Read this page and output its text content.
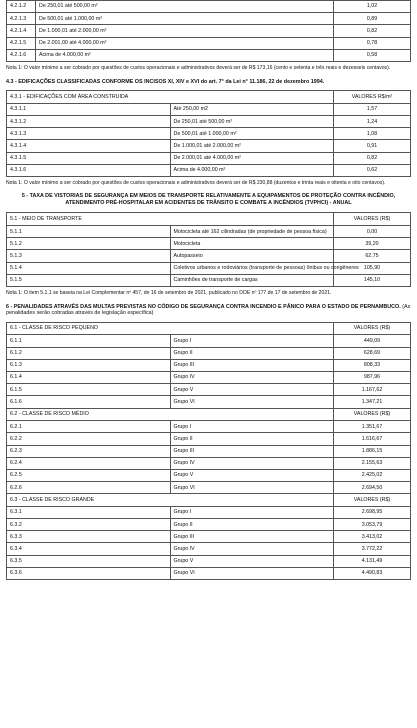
4.2.1.2	De 250,01 até 500,00 m²	1,02
4.2.1.3	De 500,01 até 1.000,00 m²	0,89
4.2.1.4	De 1.000,01 até 2.000,00 m²	0,82
4.2.1.5	De 2.001,00 até 4.000,00 m²	0,78
4.2.1.6	Acima de 4.000,00 m²	0,58

Nota 1: O valor mínimo a ser cobrado por questões de custos operacionais e administrativos deverá ser de R$ 173,16 (cento e setenta e três reais e dezesseis centavos).

4.3 - EDIFICAÇÕES CLASSIFICADAS CONFORME OS INCISOS XI, XIV e XVI do art. 7° da Lei n° 11.186, 22 de dezembro 1994.
4.3.1 - EDIFICAÇÕES COM ÁREA CONSTRUIDA		VALORES R$/m²
4.3.1.1	Até 250,00 m2	1,57
4.3.1.2	De 250,01 até 500,00 m²	1,24
4.3.1.3	De 500,01 até 1.000,00 m²	1,08
4.3.1.4	De 1.000,01 até 2.000,00 m²	0,91
4.3.1.5	De 2.000,01 até 4.000,00 m²	0,82
4.3.1.6	Acima de 4.000,00 m²	0,62

Nota 1: O valor mínimo a ser cobrado por questões de custos operacionais e administrativos deverá ser de R$ 230,88 (duzentos e trinta reais e oitenta e oito centavos).

5 - TAXA DE VISTORIAS DE SEGURANÇA EM MEIOS DE TRANSPORTE RELATIVAMENTE A EQUIPAMENTOS DE PROTEÇÃO CONTRA INCÊNDIO, ATENDIMENTO PRÉ-HOSPITALAR EM ACIDENTES DE TRÂNSITO E COMBATE A INCÊNDIOS (TVPHCI) - ANUAL
5.1 - MEIO DE TRANSPORTE		VALORES (R$)
5.1.1	Motocicleta até 162 cilindradas (de propriedade de pessoa física)	0,00
5.1.2	Motocicleta	39,20
5.1.3	Autopasseio	62,75
5.1.4	Coletivos urbanos e rodoviários (transporte de pessoas) ônibus ou congêneres	105,90
5.1.5	Caminhões de transporte de cargas	145,10

Nota 1: O item 5.1.1 se baseia na Lei Complementar nº 457, de 16 de setembro de 2021, publicado no DOE nº 177 de 17 de setembro de 2021.

6 - PENALIDADES ATRAVÉS DAS MULTAS PREVISTAS NO CÓDIGO DE SEGURANÇA CONTRA INCENDIO E PÂNICO PARA O ESTADO DE PERNAMBUCO. (As penalidades serão cobradas através de legislação específica)
6.1 - CLASSE DE RISCO PEQUENO		VALORES (R$)
6.1.1	Grupo I	449,09
6.1.2	Grupo II	628,69
6.1.3	Grupo III	808,33
6.1.4	Grupo IV	987,96
6.1.5	Grupo V	1.167,62
6.1.6	Grupo VI	1.347,21
6.2 - CLASSE DE RISCO MÉDIO		VALORES (R$)
6.2.1	Grupo I	1.351,67
6.2.2	Grupo II	1.616,67
6.2.3	Grupo III	1.886,15
6.2.4	Grupo IV	2.155,63
6.2.5	Grupo V	2.425,02
6.2.6	Grupo VI	2.694,50
6.3 - CLASSE DE RISCO GRANDE		VALORES (R$)
6.3.1	Grupo I	2.698,95
6.3.2	Grupo II	3.053,79
6.3.3	Grupo III	3.413,02
6.3.4	Grupo IV	3.772,22
6.3.5	Grupo V	4.131,49
6.3.6	Grupo VI	4.490,83
